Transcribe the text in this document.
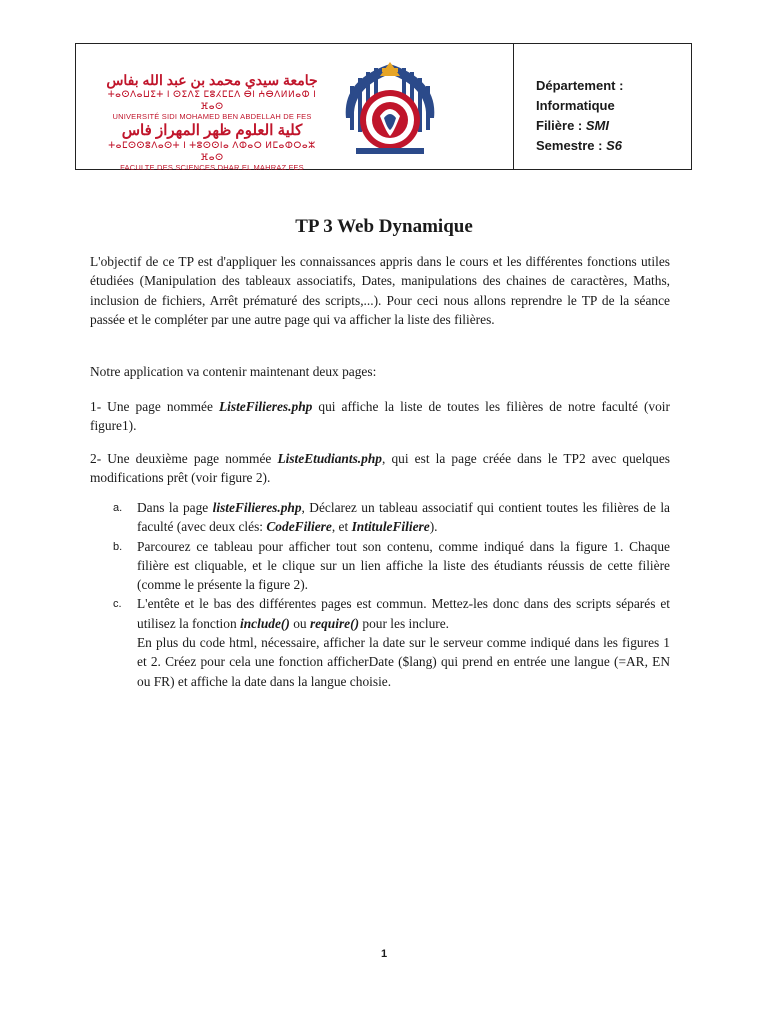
جامعة سيدي محمد بن عبد الله بفاس
ⵜⴰⵙⴷⴰⵡⵉⵜ ⵏ ⵙⵉⴷⵉ ⵎⵓⵃⵎⵎⴷ ⴱⵏ ⵄⴱⴷⵍⵍⴰⵀ ⵏ ⴼⴰⵙ
UNIVERSITÉ SIDI MOHAMED BEN ABDELLAH DE FES
كلية العلوم ظهر المهراز فاس
ⵜⴰⵎⵙⵙⵓⴷⴰⵙⵜ ⵏ ⵜⵓⵙⵙⵏⴰ ⴷⵀⴰⵔ ⵍⵎⴰⵀⵔⴰⵣ ⴼⴰⵙ
FACULTE DES SCIENCES DHAR EL MAHRAZ FES
Département : Informatique
Filière : SMI
Semestre : S6
TP 3 Web Dynamique

L'objectif de ce TP est d'appliquer les connaissances appris dans le cours et les différentes fonctions utiles étudiées (Manipulation des tableaux associatifs, Dates, manipulations des chaines de caractères, Maths, inclusion de fichiers, Arrêt prématuré des scripts,...). Pour ceci nous allons reprendre le TP de la séance passée et le compléter par une autre page qui va afficher la liste des filières.

Notre application va contenir maintenant deux pages:

1- Une page nommée ListeFilieres.php qui affiche la liste de toutes les filières de notre faculté (voir figure1).

2- Une deuxième page nommée ListeEtudiants.php, qui est la page créée dans le TP2 avec quelques modifications prêt (voir figure 2).

a. Dans la page listeFilieres.php, Déclarez un tableau associatif qui contient toutes les filières de la faculté (avec deux clés: CodeFiliere, et IntituleFiliere).
b. Parcourez ce tableau pour afficher tout son contenu, comme indiqué dans la figure 1. Chaque filière est cliquable, et le clique sur un lien affiche la liste des étudiants réussis de cette filière (comme le présente la figure 2).
c. L'entête et le bas des différentes pages est commun. Mettez-les donc dans des scripts séparés et utilisez la fonction include() ou require() pour les inclure.
En plus du code html, nécessaire, afficher la date sur le serveur comme indiqué dans les figures 1 et 2. Créez pour cela une fonction afficherDate ($lang) qui prend en entrée une langue (=AR, EN ou FR) et affiche la date dans la langue choisie.
1
